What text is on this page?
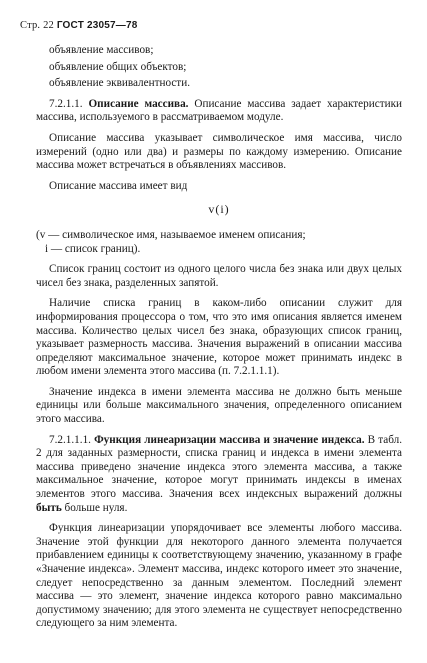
Стр. 22 ГОСТ 23057—78
объявление массивов;
объявление общих объектов;
объявление эквивалентности.

7.2.1.1. Описание массива. Описание массива задает характеристики массива, используемого в рассматриваемом модуле.

Описание массива указывает символическое имя массива, число измерений (одно или два) и размеры по каждому измерению. Описание массива может встречаться в объявлениях массивов.

Описание массива имеет вид

v(i)
(v — символическое имя, называемое именем описания;
i — список границ).

Список границ состоит из одного целого числа без знака или двух целых чисел без знака, разделенных запятой.

Наличие списка границ в каком-либо описании служит для информирования процессора о том, что это имя описания является именем массива. Количество целых чисел без знака, образующих список границ, указывает размерность массива. Значения выражений в описании массива определяют максимальное значение, которое может принимать индекс в любом имени элемента этого массива (п. 7.2.1.1.1).

Значение индекса в имени элемента массива не должно быть меньше единицы или больше максимального значения, определенного описанием этого массива.

7.2.1.1.1. Функция линеаризации массива и значение индекса. В табл. 2 для заданных размерности, списка границ и индекса в имени элемента массива приведено значение индекса этого элемента массива, а также максимальное значение, которое могут принимать индексы в именах элементов этого массива. Значения всех индексных выражений должны быть больше нуля.

Функция линеаризации упорядочивает все элементы любого массива. Значение этой функции для некоторого данного элемента получается прибавлением единицы к соответствующему значению, указанному в графе «Значение индекса». Элемент массива, индекс которого имеет это значение, следует непосредственно за данным элементом. Последний элемент массива — это элемент, значение индекса которого равно максимально допустимому значению; для этого элемента не существует непосредственно следующего за ним элемента.
